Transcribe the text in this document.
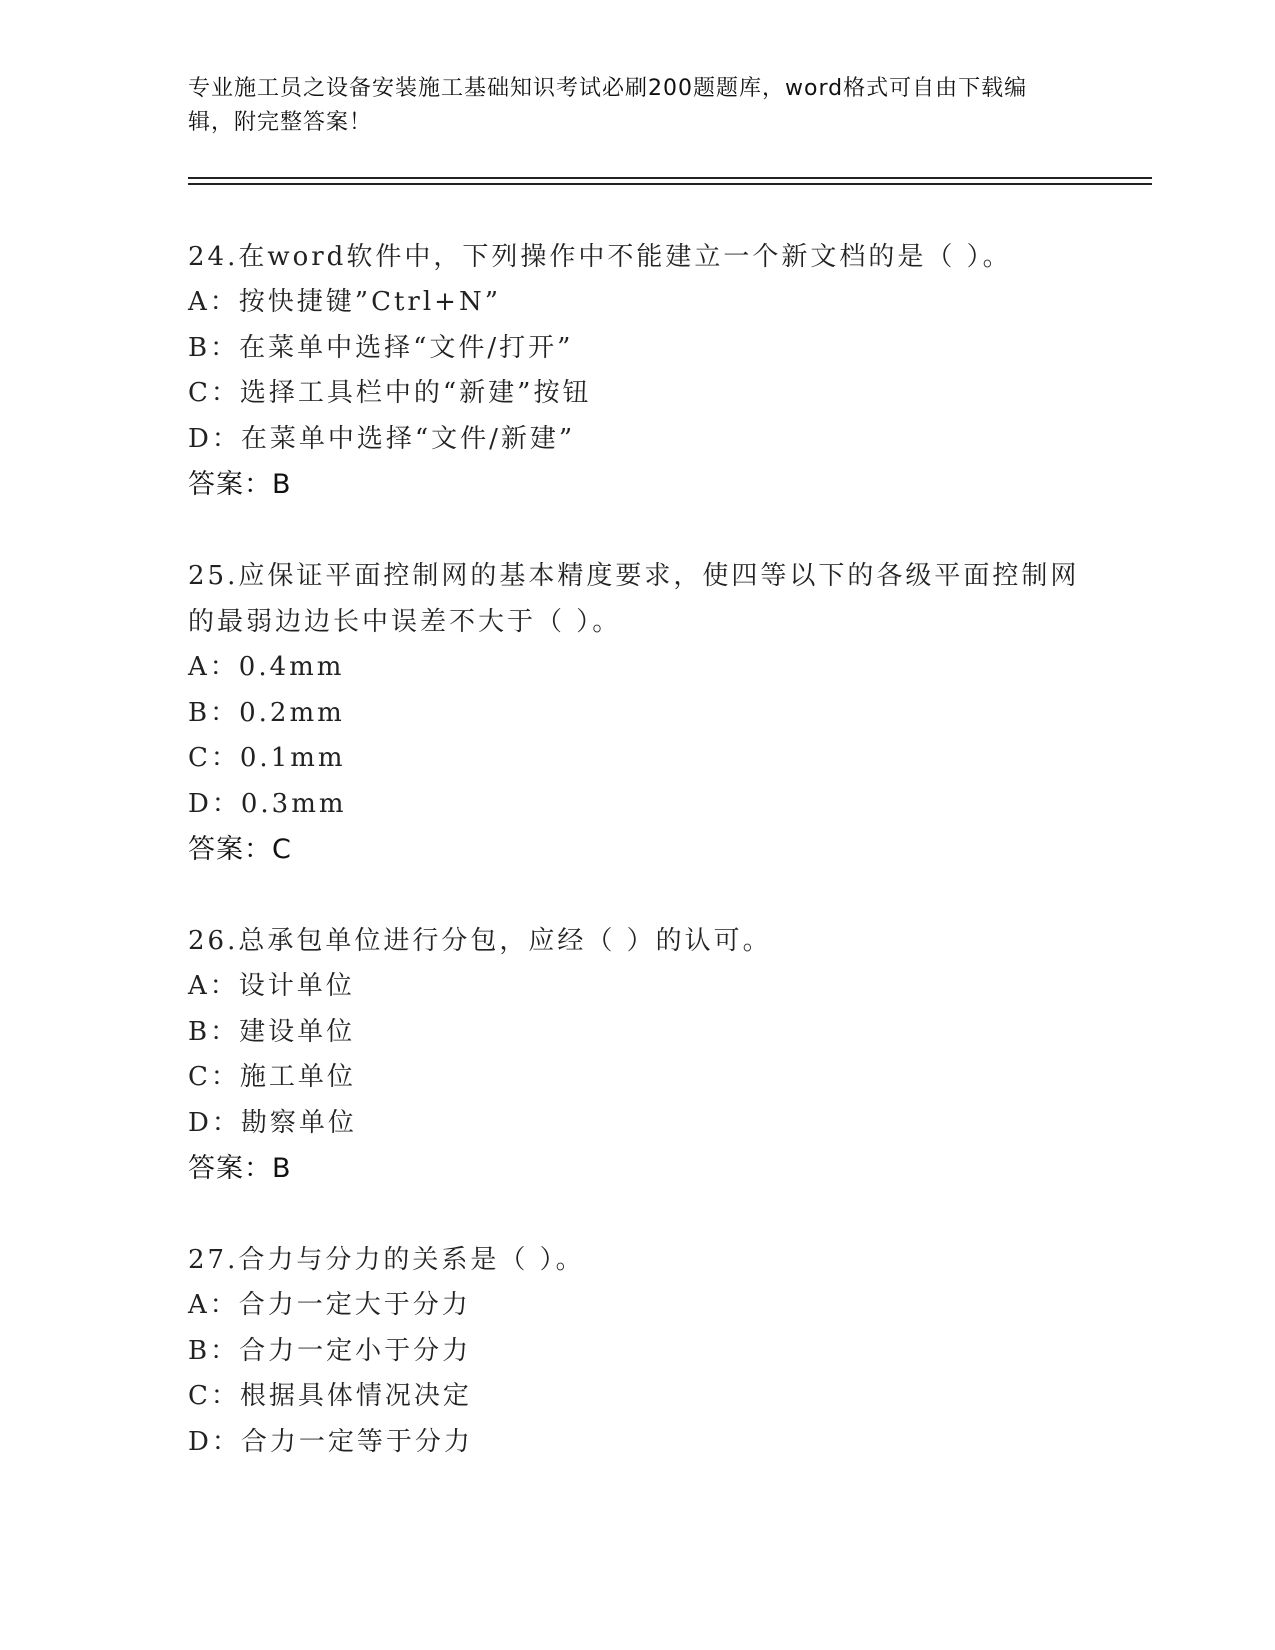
专业施工员之设备安装施工基础知识考试必刷200题题库，word格式可自由下载编辑，附完整答案！
24.在word软件中，下列操作中不能建立一个新文档的是（ ）。
A：按快捷键”Ctrl+N”
B：在菜单中选择“文件/打开”
C：选择工具栏中的“新建”按钮
D：在菜单中选择“文件/新建”
答案：B
25.应保证平面控制网的基本精度要求，使四等以下的各级平面控制网的最弱边边长中误差不大于（ ）。
A：0.4mm
B：0.2mm
C：0.1mm
D：0.3mm
答案：C
26.总承包单位进行分包，应经（ ）的认可。
A：设计单位
B：建设单位
C：施工单位
D：勘察单位
答案：B
27.合力与分力的关系是（ ）。
A：合力一定大于分力
B：合力一定小于分力
C：根据具体情况决定
D：合力一定等于分力
